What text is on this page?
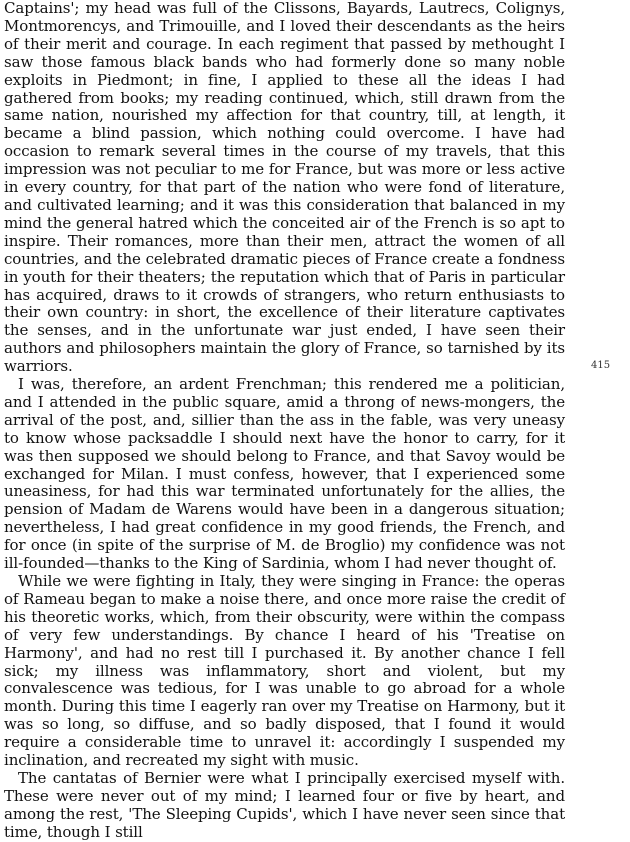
Captains'; my head was full of the Clissons, Bayards, Lautrecs, Colignys, Montmorencys, and Trimouille, and I loved their descendants as the heirs of their merit and courage. In each regiment that passed by methought I saw those famous black bands who had formerly done so many noble exploits in Piedmont; in fine, I applied to these all the ideas I had gathered from books; my reading continued, which, still drawn from the same nation, nourished my affection for that country, till, at length, it became a blind passion, which nothing could overcome. I have had occasion to remark several times in the course of my travels, that this impression was not peculiar to me for France, but was more or less active in every country, for that part of the nation who were fond of literature, and cultivated learning; and it was this consideration that balanced in my mind the general hatred which the conceited air of the French is so apt to inspire. Their romances, more than their men, attract the women of all countries, and the celebrated dramatic pieces of France create a fondness in youth for their theaters; the reputation which that of Paris in particular has acquired, draws to it crowds of strangers, who return enthusiasts to their own country: in short, the excellence of their literature captivates the senses, and in the unfortunate war just ended, I have seen their authors and philosophers maintain the glory of France, so tarnished by its warriors.

I was, therefore, an ardent Frenchman; this rendered me a politician, and I attended in the public square, amid a throng of news-mongers, the arrival of the post, and, sillier than the ass in the fable, was very uneasy to know whose packsaddle I should next have the honor to carry, for it was then supposed we should belong to France, and that Savoy would be exchanged for Milan. I must confess, however, that I experienced some uneasiness, for had this war terminated unfortunately for the allies, the pension of Madam de Warens would have been in a dangerous situation; nevertheless, I had great confidence in my good friends, the French, and for once (in spite of the surprise of M. de Broglio) my confidence was not ill-founded—thanks to the King of Sardinia, whom I had never thought of.

While we were fighting in Italy, they were singing in France: the operas of Rameau began to make a noise there, and once more raise the credit of his theoretic works, which, from their obscurity, were within the compass of very few understandings. By chance I heard of his 'Treatise on Harmony', and had no rest till I purchased it. By another chance I fell sick; my illness was inflammatory, short and violent, but my convalescence was tedious, for I was unable to go abroad for a whole month. During this time I eagerly ran over my Treatise on Harmony, but it was so long, so diffuse, and so badly disposed, that I found it would require a considerable time to unravel it: accordingly I suspended my inclination, and recreated my sight with music.

The cantatas of Bernier were what I principally exercised myself with. These were never out of my mind; I learned four or five by heart, and among the rest, 'The Sleeping Cupids', which I have never seen since that time, though I still

415
